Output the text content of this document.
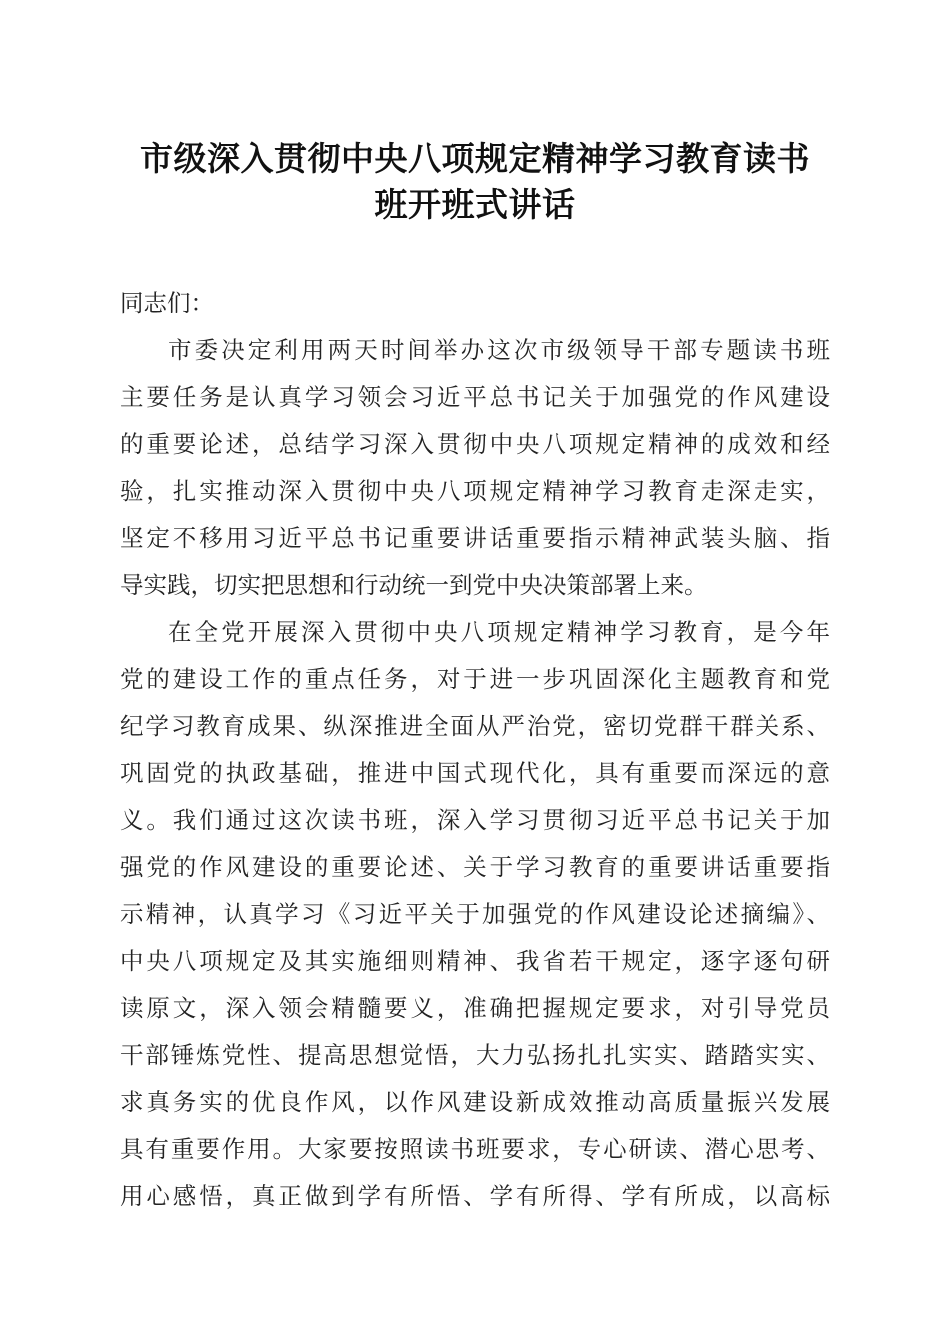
市级深入贯彻中央八项规定精神学习教育读书
班开班式讲话
同志们：
市委决定利用两天时间举办这次市级领导干部专题读书班
主要任务是认真学习领会习近平总书记关于加强党的作风建设
的重要论述，总结学习深入贯彻中央八项规定精神的成效和经
验，扎实推动深入贯彻中央八项规定精神学习教育走深走实，
坚定不移用习近平总书记重要讲话重要指示精神武装头脑、指
导实践，切实把思想和行动统一到党中央决策部署上来。
在全党开展深入贯彻中央八项规定精神学习教育，是今年
党的建设工作的重点任务，对于进一步巩固深化主题教育和党
纪学习教育成果、纵深推进全面从严治党，密切党群干群关系、
巩固党的执政基础，推进中国式现代化，具有重要而深远的意
义。我们通过这次读书班，深入学习贯彻习近平总书记关于加
强党的作风建设的重要论述、关于学习教育的重要讲话重要指
示精神，认真学习《习近平关于加强党的作风建设论述摘编》、
中央八项规定及其实施细则精神、我省若干规定，逐字逐句研
读原文，深入领会精髓要义，准确把握规定要求，对引导党员
干部锤炼党性、提高思想觉悟，大力弘扬扎扎实实、踏踏实实、
求真务实的优良作风，以作风建设新成效推动高质量振兴发展
具有重要作用。大家要按照读书班要求，专心研读、潜心思考、
用心感悟，真正做到学有所悟、学有所得、学有所成，以高标
